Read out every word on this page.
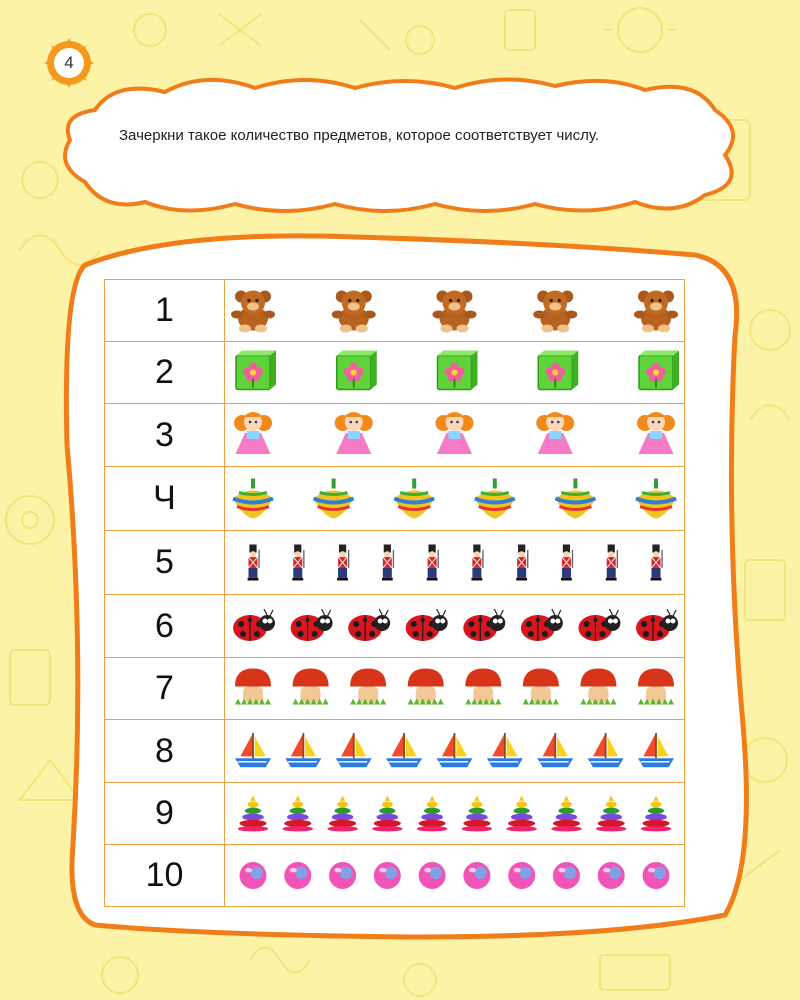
4
Зачеркни такое количество предметов, которое соответствует числу.
1	

2	

3	

Ч	

5	

6	

7	

8	

9	

10	
